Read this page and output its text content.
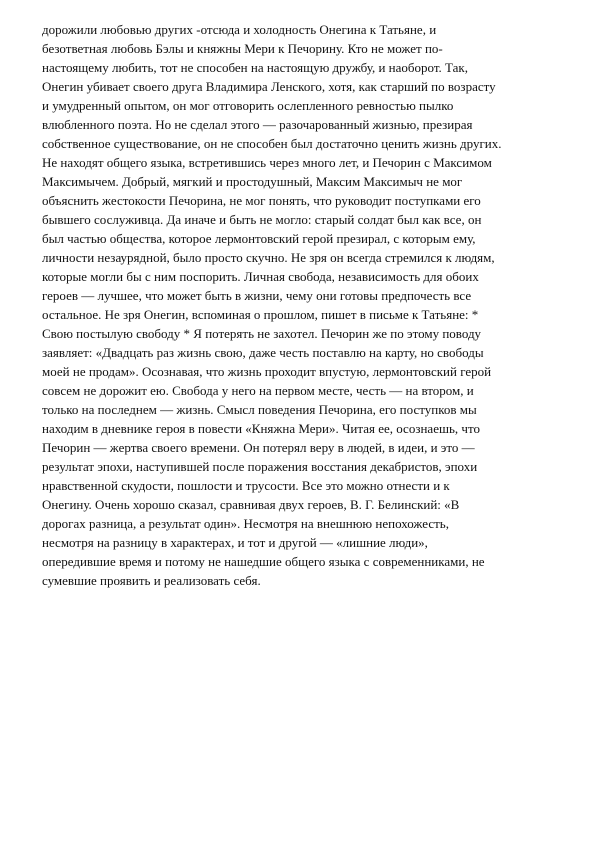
дорожили любовью других -отсюда и холодность Онегина к Татьяне, и
безответная любовь Бэлы и княжны Мери к Печорину. Кто не может по-
настоящему любить, тот не способен на настоящую дружбу, и наоборот. Так,
Онегин убивает своего друга Владимира Ленского, хотя, как старший по возрасту
и умудренный опытом, он мог отговорить ослепленного ревностью пылко
влюбленного поэта. Но не сделал этого — разочарованный жизнью, презирая
собственное существование, он не способен был достаточно ценить жизнь других.
Не находят общего языка, встретившись через много лет, и Печорин с Максимом
Максимычем. Добрый, мягкий и простодушный, Максим Максимыч не мог
объяснить жестокости Печорина, не мог понять, что руководит поступками его
бывшего сослуживца. Да иначе и быть не могло: старый солдат был как все, он
был частью общества, которое лермонтовский герой презирал, с которым ему,
личности незаурядной, было просто скучно. Не зря он всегда стремился к людям,
которые могли бы с ним поспорить. Личная свобода, независимость для обоих
героев — лучшее, что может быть в жизни, чему они готовы предпочесть все
остальное. Не зря Онегин, вспоминая о прошлом, пишет в письме к Татьяне: *
Свою постылую свободу * Я потерять не захотел. Печорин же по этому поводу
заявляет: «Двадцать раз жизнь свою, даже честь поставлю на карту, но свободы
моей не продам». Осознавая, что жизнь проходит впустую, лермонтовский герой
совсем не дорожит ею. Свобода у него на первом месте, честь — на втором, и
только на последнем — жизнь. Смысл поведения Печорина, его поступков мы
находим в дневнике героя в повести «Княжна Мери». Читая ее, осознаешь, что
Печорин — жертва своего времени. Он потерял веру в людей, в идеи, и это —
результат эпохи, наступившей после поражения восстания декабристов, эпохи
нравственной скудости, пошлости и трусости. Все это можно отнести и к
Онегину. Очень хорошо сказал, сравнивая двух героев, В. Г. Белинский: «В
дорогах разница, а результат один». Несмотря на внешнюю непохожесть,
несмотря на разницу в характерах, и тот и другой — «лишние люди»,
опередившие время и потому не нашедшие общего языка с современниками, не
сумевшие проявить и реализовать себя.
